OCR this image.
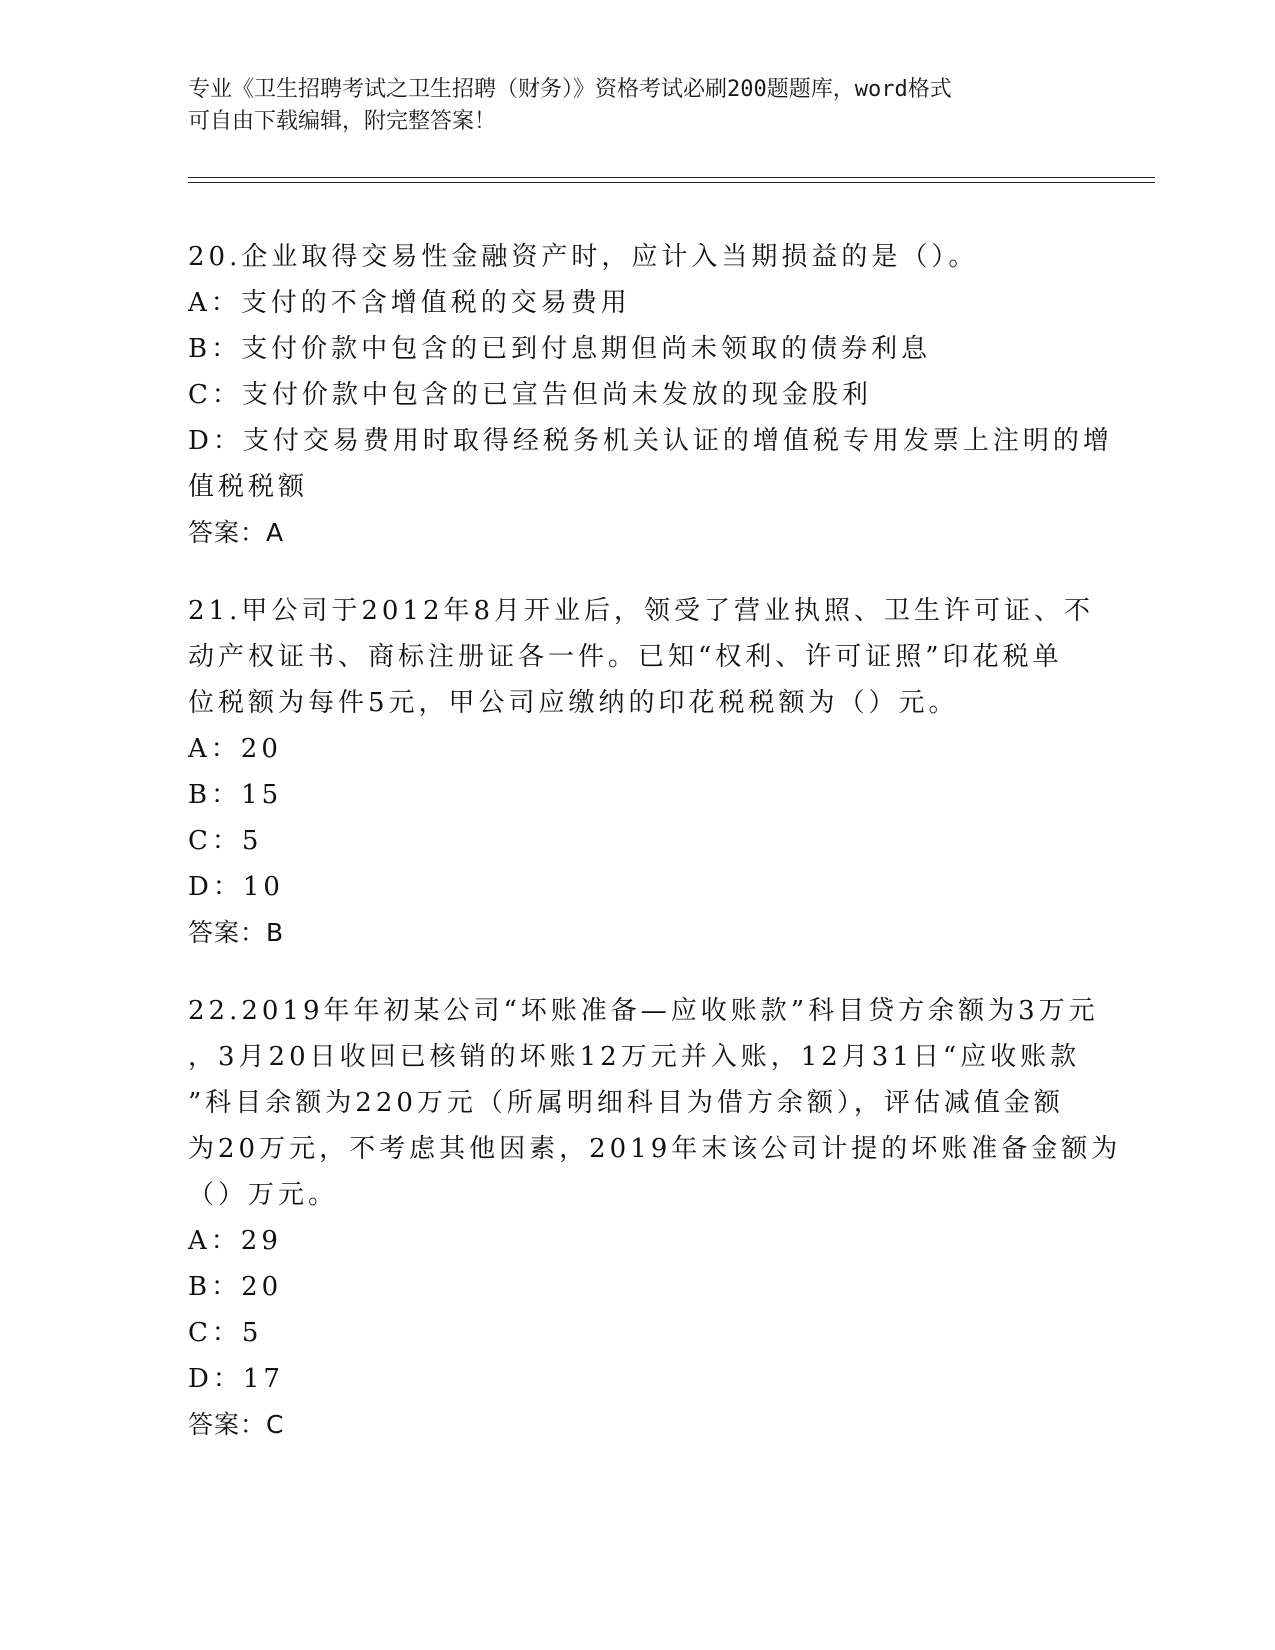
专业《卫生招聘考试之卫生招聘（财务）》资格考试必刷200题题库，word格式
可自由下载编辑，附完整答案！
20.企业取得交易性金融资产时，应计入当期损益的是（）。
A：支付的不含增值税的交易费用
B：支付价款中包含的已到付息期但尚未领取的债券利息
C：支付价款中包含的已宣告但尚未发放的现金股利
D：支付交易费用时取得经税务机关认证的增值税专用发票上注明的增
值税税额
答案：A
21.甲公司于2012年8月开业后，领受了营业执照、卫生许可证、不
动产权证书、商标注册证各一件。已知“权利、许可证照”印花税单
位税额为每件5元，甲公司应缴纳的印花税税额为（）元。
A：20
B：15
C：5
D：10
答案：B
22.2019年年初某公司“坏账准备—应收账款”科目贷方余额为3万元
，3月20日收回已核销的坏账12万元并入账，12月31日“应收账款
”科目余额为220万元（所属明细科目为借方余额），评估减值金额
为20万元，不考虑其他因素，2019年末该公司计提的坏账准备金额为
（）万元。
A：29
B：20
C：5
D：17
答案：C
